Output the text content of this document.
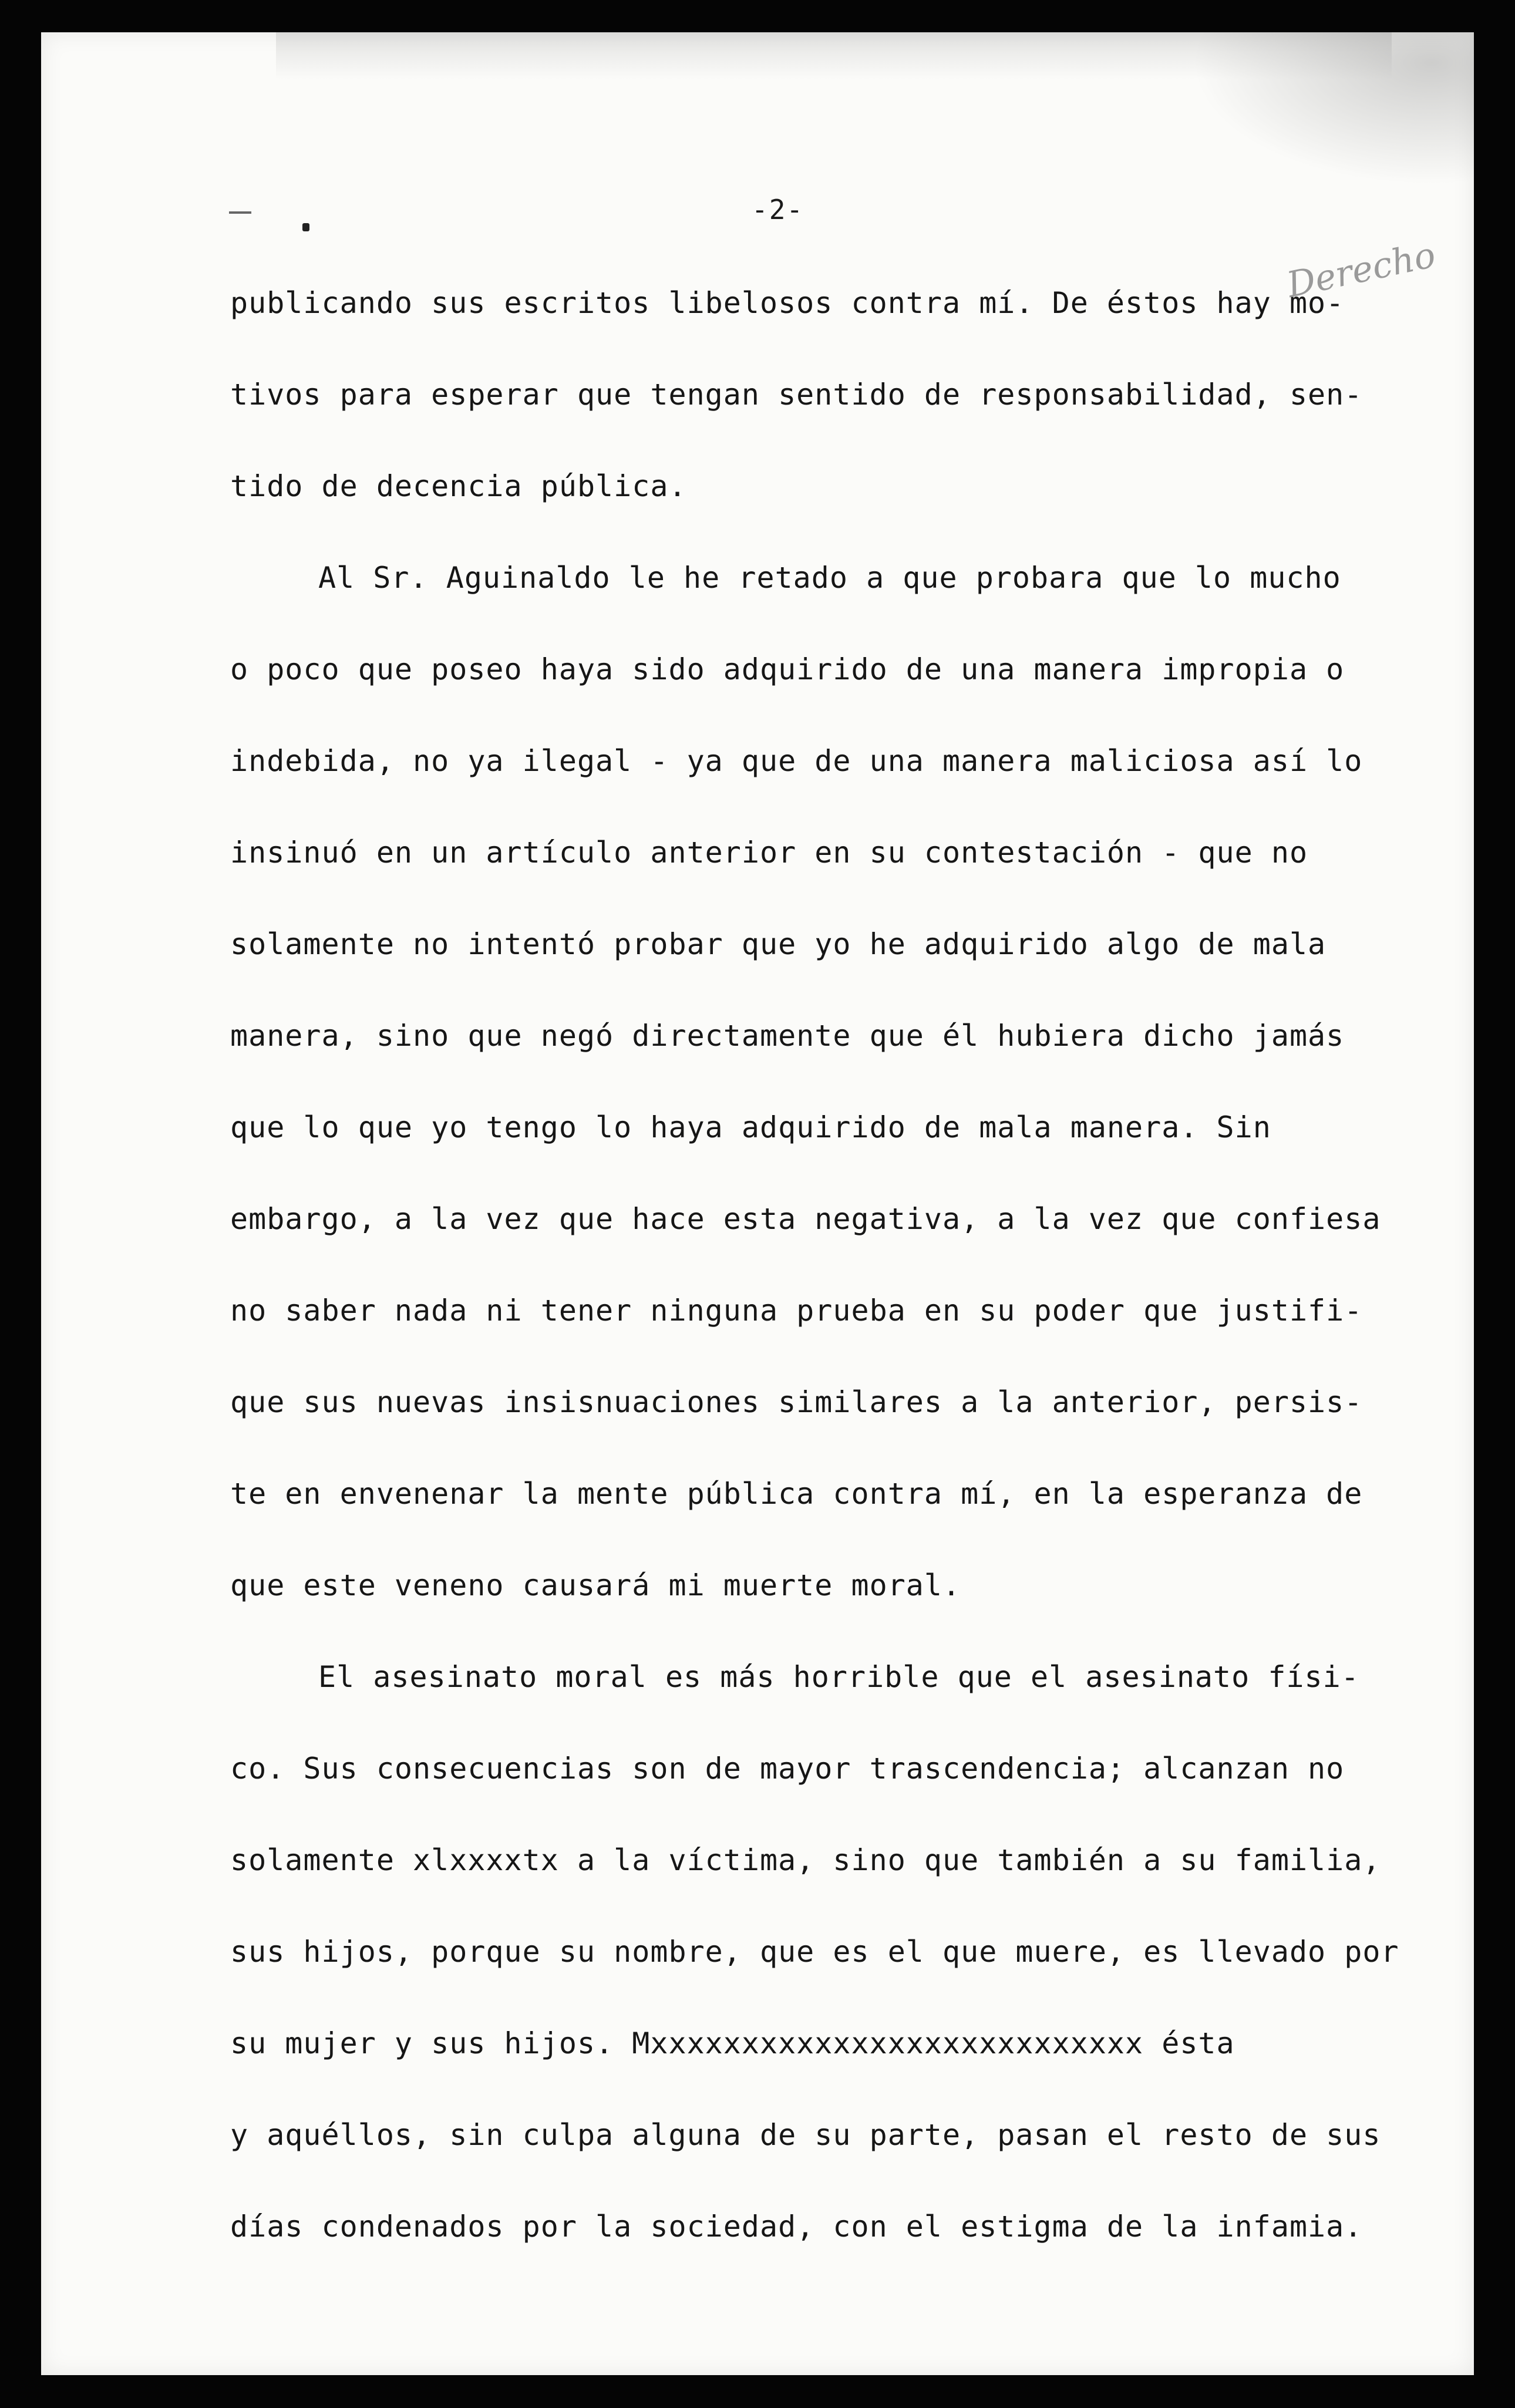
-2-
Derecho
publicando sus escritos libelosos contra mí. De éstos hay mo-
tivos para esperar que tengan sentido de responsabilidad, sen-
tido de decencia pública.
Al Sr. Aguinaldo le he retado a que probara que lo mucho
o poco que poseo haya sido adquirido de una manera impropia o
indebida, no ya ilegal - ya que de una manera maliciosa así lo
insinuó en un artículo anterior en su contestación - que no
solamente no intentó probar que yo he adquirido algo de mala
manera, sino que negó directamente que él hubiera dicho jamás
que lo que yo tengo lo haya adquirido de mala manera. Sin
embargo, a la vez que hace esta negativa, a la vez que confiesa
no saber nada ni tener ninguna prueba en su poder que justifi-
que sus nuevas insisnuaciones similares a la anterior, persis-
te en envenenar la mente pública contra mí, en la esperanza de
que este veneno causará mi muerte moral.
El asesinato moral es más horrible que el asesinato físi-
co. Sus consecuencias son de mayor trascendencia; alcanzan no
solamente xlxxxxtx a la víctima, sino que también a su familia,
sus hijos, porque su nombre, que es el que muere, es llevado por
su mujer y sus hijos. Mxxxxxxxxxxxxxxxxxxxxxxxxxxx ésta
y aquéllos, sin culpa alguna de su parte, pasan el resto de sus
días condenados por la sociedad, con el estigma de la infamia.
